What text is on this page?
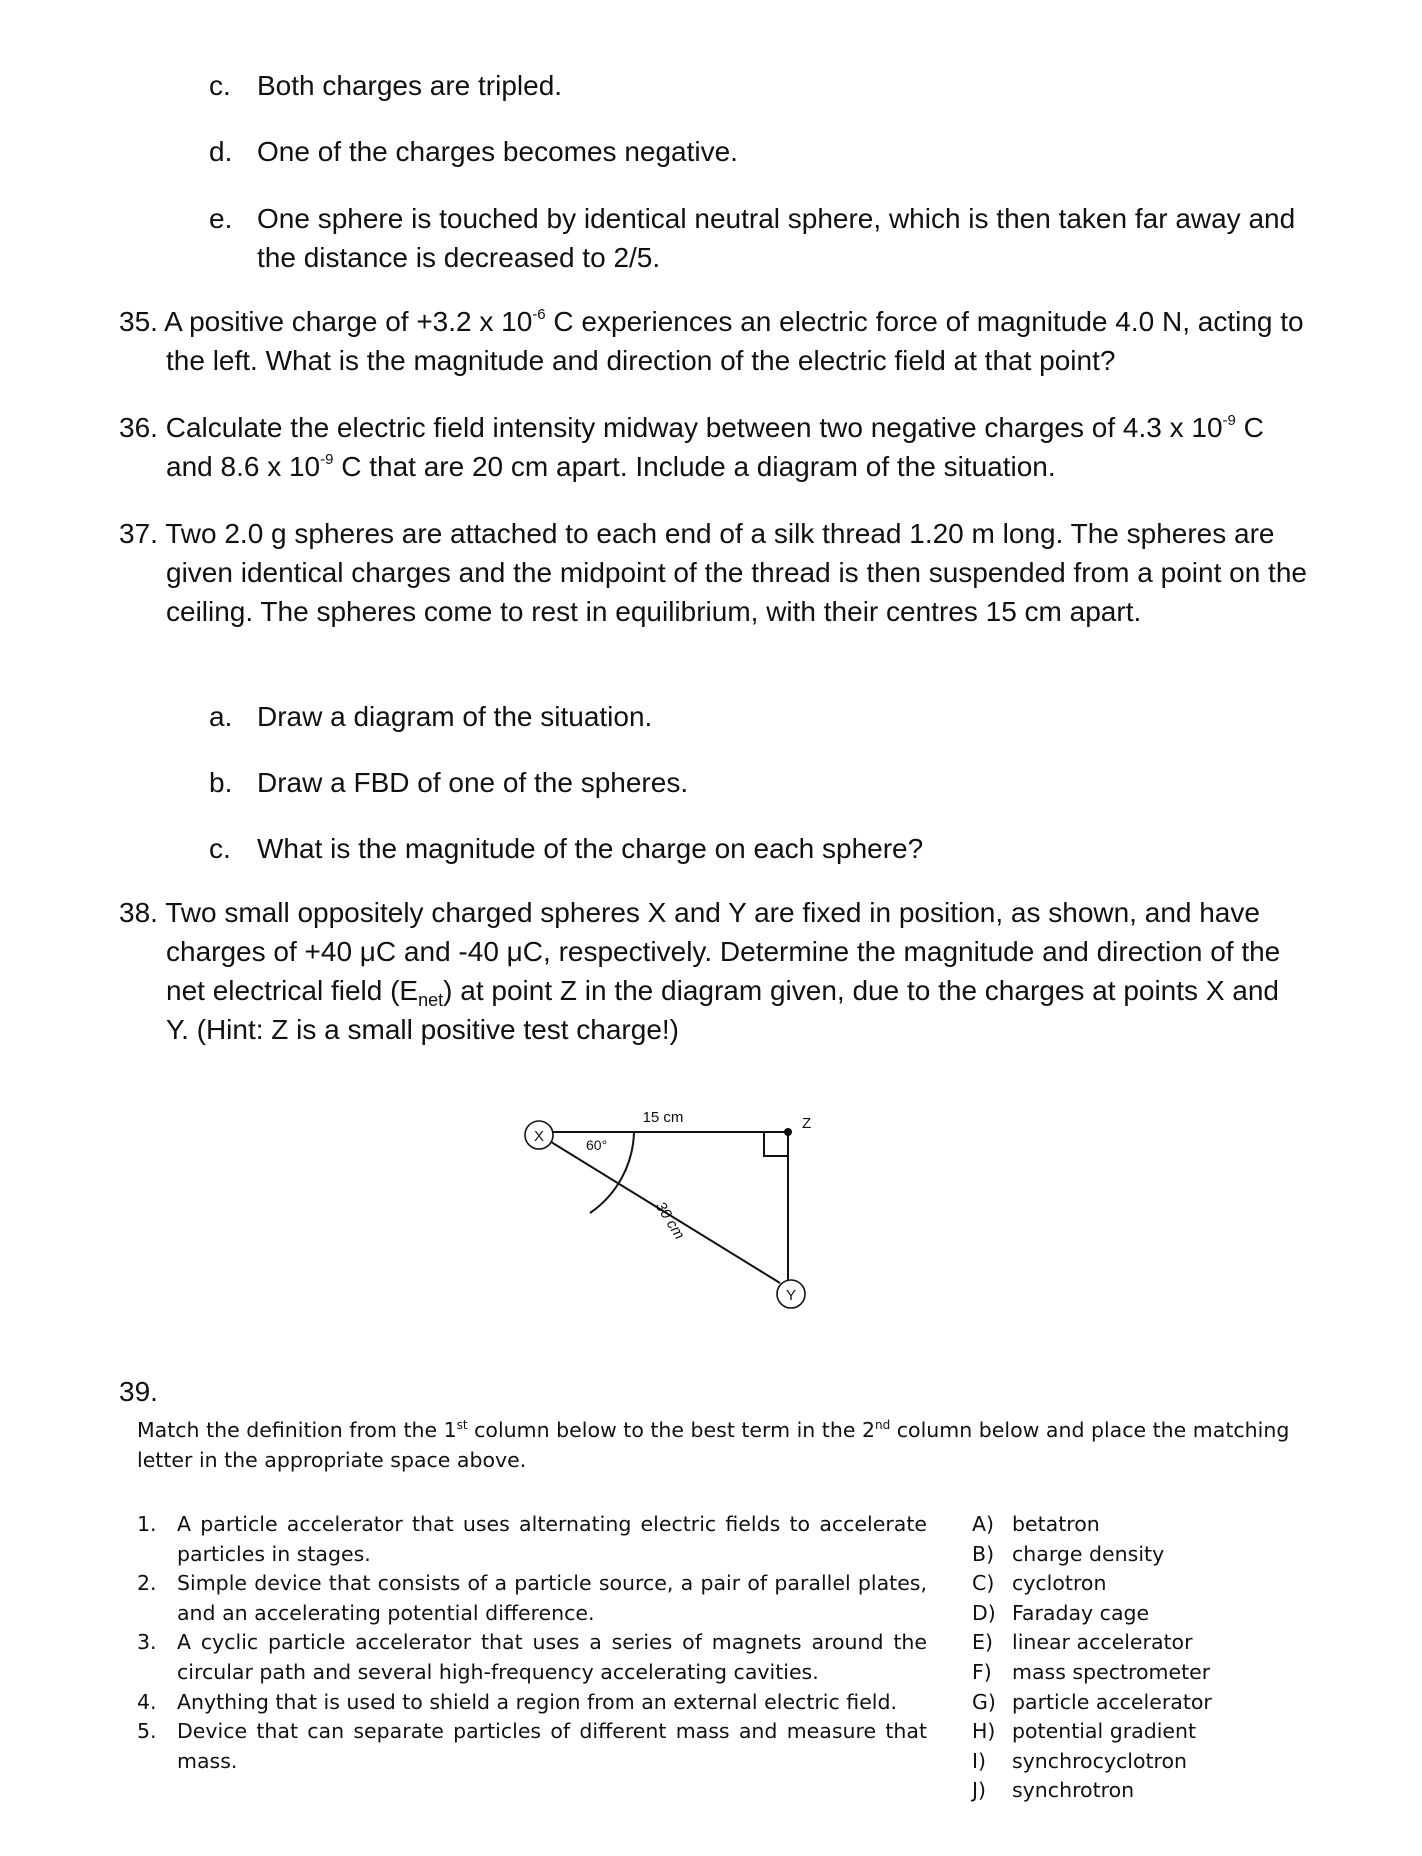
c. Both charges are tripled.
d. One of the charges becomes negative.
e. One sphere is touched by identical neutral sphere, which is then taken far away and the distance is decreased to 2/5.
35. A positive charge of +3.2 x $10^{-6}$ C experiences an electric force of magnitude 4.0 N, acting to the left. What is the magnitude and direction of the electric field at that point?
36. Calculate the electric field intensity midway between two negative charges of 4.3 x $10^{-9}$ C and 8.6 x $10^{-9}$ C that are 20 cm apart. Include a diagram of the situation.
37. Two 2.0 g spheres are attached to each end of a silk thread 1.20 m long. The spheres are given identical charges and the midpoint of the thread is then suspended from a point on the ceiling. The spheres come to rest in equilibrium, with their centres 15 cm apart.
a. Draw a diagram of the situation.
b. Draw a FBD of one of the spheres.
c. What is the magnitude of the charge on each sphere?
38. Two small oppositely charged spheres X and Y are fixed in position, as shown, and have charges of +40 μC and -40 μC, respectively. Determine the magnitude and direction of the net electrical field $(E_{net})$ at point Z in the diagram given, due to the charges at points X and Y. (Hint: Z is a small positive test charge!)
X
Y
Z
60°
15 cm
30 cm
39.
Match the definition from the 1st column below to the best term in the 2nd column below and place the matching letter in the appropriate space above.
1. A particle accelerator that uses alternating electric fields to accelerate particles in stages.
2. Simple device that consists of a particle source, a pair of parallel plates, and an accelerating potential difference.
3. A cyclic particle accelerator that uses a series of magnets around the circular path and several high-frequency accelerating cavities.
4. Anything that is used to shield a region from an external electric field.
5. Device that can separate particles of different mass and measure that mass.
A) betatron
B) charge density
C) cyclotron
D) Faraday cage
E) linear accelerator
F) mass spectrometer
G) particle accelerator
H) potential gradient
I) synchrocyclotron
J) synchrotron
